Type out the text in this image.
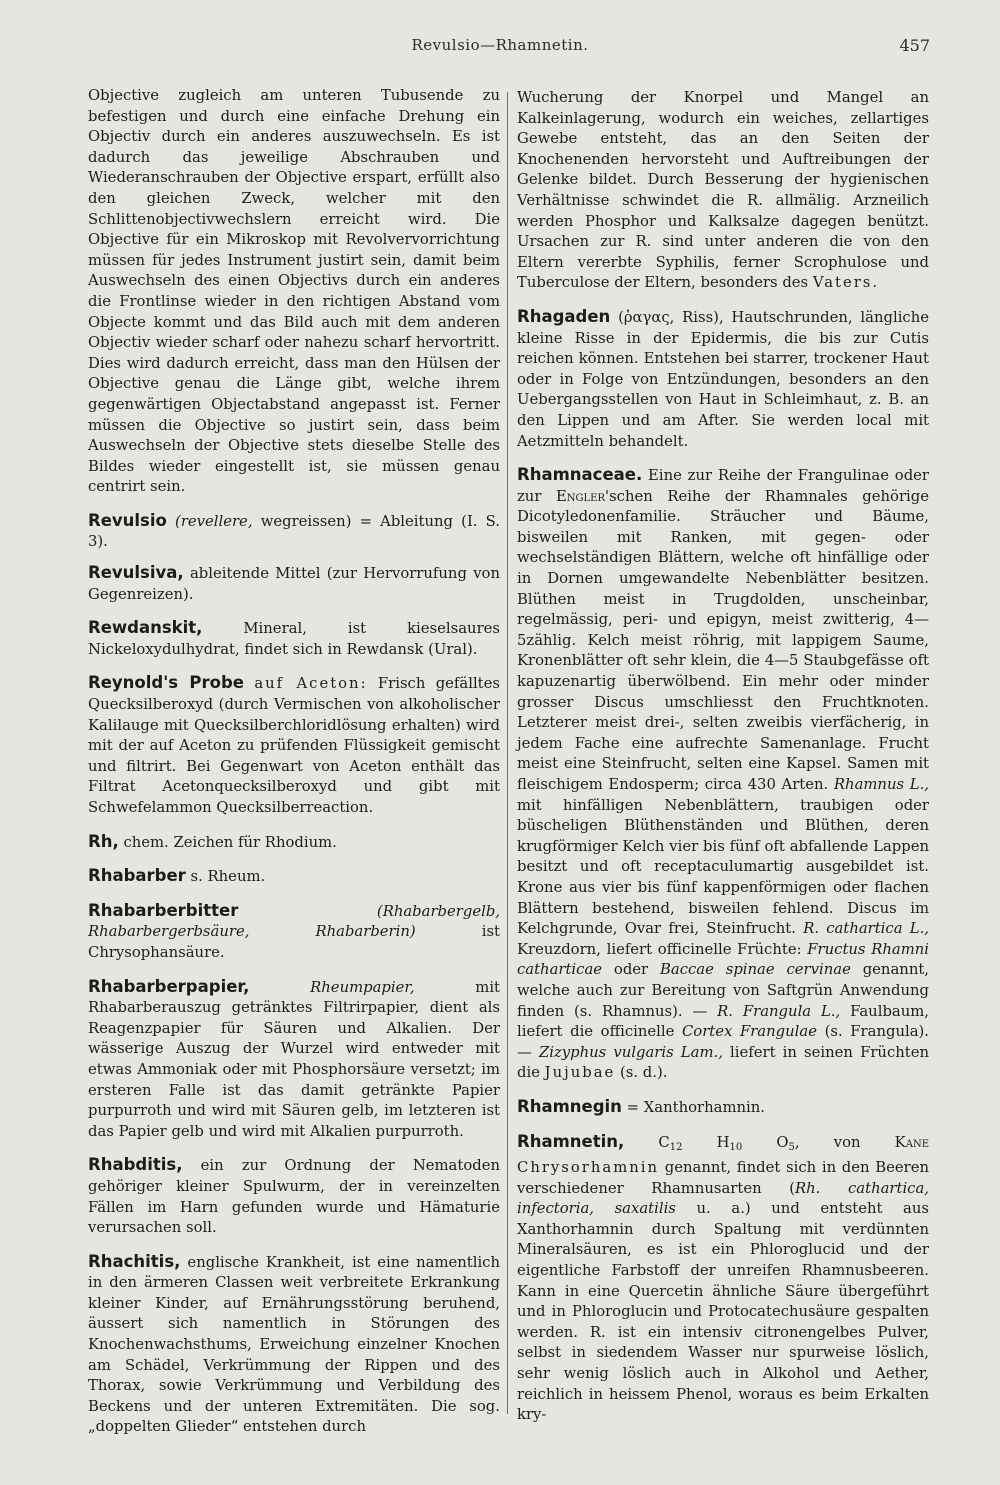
Revulsio—Rhamnetin.	457

Objective zugleich am unteren Tubusende zu befestigen und durch eine einfache Drehung ein Objectiv durch ein anderes auszuwechseln. Es ist dadurch das jeweilige Abschrauben und Wiederanschrauben der Objective erspart, erfüllt also den gleichen Zweck, welcher mit den Schlittenobjectivwechslern erreicht wird. Die Objective für ein Mikroskop mit Revolvervorrichtung müssen für jedes Instrument justirt sein, damit beim Auswechseln des einen Objectivs durch ein anderes die Frontlinse wieder in den richtigen Abstand vom Objecte kommt und das Bild auch mit dem anderen Objectiv wieder scharf oder nahezu scharf hervortritt. Dies wird dadurch erreicht, dass man den Hülsen der Objective genau die Länge gibt, welche ihrem gegenwärtigen Objectabstand angepasst ist. Ferner müssen die Objective so justirt sein, dass beim Auswechseln der Objective stets dieselbe Stelle des Bildes wieder eingestellt ist, sie müssen genau centrirt sein.

Revulsio (revellere, wegreissen) = Ableitung (I. S. 3).

Revulsiva, ableitende Mittel (zur Hervorrufung von Gegenreizen).

Rewdanskit, Mineral, ist kieselsaures Nickeloxydulhydrat, findet sich in Rewdansk (Ural).

Reynold's Probe auf Aceton: Frisch gefälltes Quecksilberoxyd (durch Vermischen von alkoholischer Kalilauge mit Quecksilberchloridlösung erhalten) wird mit der auf Aceton zu prüfenden Flüssigkeit gemischt und filtrirt. Bei Gegenwart von Aceton enthält das Filtrat Acetonquecksilberoxyd und gibt mit Schwefelammon Quecksilberreaction.

Rh, chem. Zeichen für Rhodium.

Rhabarber s. Rheum.

Rhabarberbitter	(Rhabarbergelb, Rhabarbergerbsäure, Rhabarberin) ist Chrysophansäure.

Rhabarberpapier,	Rheumpapier, mit Rhabarberauszug getränktes Filtrirpapier, dient als Reagenzpapier für Säuren und Alkalien. Der wässerige Auszug der Wurzel wird entweder mit etwas Ammoniak oder mit Phosphorsäure versetzt; im ersteren Falle ist das damit getränkte Papier purpurroth und wird mit Säuren gelb, im letzteren ist das Papier gelb und wird mit Alkalien purpurroth.

Rhabditis, ein zur Ordnung der Nematoden gehöriger kleiner Spulwurm, der in vereinzelten Fällen im Harn gefunden wurde und Hämaturie verursachen soll.

Rhachitis, englische Krankheit, ist eine namentlich in den ärmeren Classen weit verbreitete Erkrankung kleiner Kinder, auf Ernährungsstörung beruhend, äussert sich namentlich in Störungen des Knochenwachsthums, Erweichung einzelner Knochen am Schädel, Verkrümmung der Rippen und des Thorax, sowie Verkrümmung und Verbildung des Beckens und der unteren Extremitäten. Die sog. „doppelten Glieder“ entstehen durch

Wucherung der Knorpel und Mangel an Kalkeinlagerung, wodurch ein weiches, zellartiges Gewebe entsteht, das an den Seiten der Knochenenden hervorsteht und Auftreibungen der Gelenke bildet. Durch Besserung der hygienischen Verhältnisse schwindet die R. allmälig. Arzneilich werden Phosphor und Kalksalze dagegen benützt. Ursachen zur R. sind unter anderen die von den Eltern vererbte Syphilis, ferner Scrophulose und Tuberculose der Eltern, besonders des Vaters.

Rhagaden (ῥαγας, Riss), Hautschrunden, längliche kleine Risse in der Epidermis, die bis zur Cutis reichen können. Entstehen bei starrer, trockener Haut oder in Folge von Entzündungen, besonders an den Uebergangsstellen von Haut in Schleimhaut, z. B. an den Lippen und am After. Sie werden local mit Aetzmitteln behandelt.

Rhamnaceae. Eine zur Reihe der Frangulinae oder zur Engler'schen Reihe der Rhamnales gehörige Dicotyledonenfamilie. Sträucher und Bäume, bisweilen mit Ranken, mit gegen- oder wechselständigen Blättern, welche oft hinfällige oder in Dornen umgewandelte Nebenblätter besitzen. Blüthen meist in Trugdolden, unscheinbar, regelmässig, peri- und epigyn, meist zwitterig, 4—5zählig. Kelch meist röhrig, mit lappigem Saume, Kronenblätter oft sehr klein, die 4—5 Staubgefässe oft kapuzenartig überwölbend. Ein mehr oder minder grosser Discus umschliesst den Fruchtknoten. Letzterer meist drei-, selten zweibis vierfächerig, in jedem Fache eine aufrechte Samenanlage. Frucht meist eine Steinfrucht, selten eine Kapsel. Samen mit fleischigem Endosperm; circa 430 Arten. Rhamnus L., mit hinfälligen Nebenblättern, traubigen oder büscheligen Blüthenständen und Blüthen, deren krugförmiger Kelch vier bis fünf oft abfallende Lappen besitzt und oft receptaculumartig ausgebildet ist. Krone aus vier bis fünf kappenförmigen oder flachen Blättern bestehend, bisweilen fehlend. Discus im Kelchgrunde, Ovar frei, Steinfrucht. R. cathartica L., Kreuzdorn, liefert officinelle Früchte: Fructus Rhamni catharticae oder Baccae spinae cervinae genannt, welche auch zur Bereitung von Saftgrün Anwendung finden (s. Rhamnus). — R. Frangula L., Faulbaum, liefert die officinelle Cortex Frangulae (s. Frangula). — Zizyphus vulgaris Lam., liefert in seinen Früchten die Jujubae (s. d.).

Rhamnegin = Xanthorhamnin.

Rhamnetin, $C_{12}$ $H_{10}$ $O_5$, von Kane Chrysorhamnin genannt, findet sich in den Beeren verschiedener Rhamnusarten (Rh. cathartica, infectoria, saxatilis u. a.) und entsteht aus Xanthorhamnin durch Spaltung mit verdünnten Mineralsäuren, es ist ein Phloroglucid und der eigentliche Farbstoff der unreifen Rhamnusbeeren. Kann in eine Quercetin ähnliche Säure übergeführt und in Phloroglucin und Protocatechusäure gespalten werden. R. ist ein intensiv citronengelbes Pulver, selbst in siedendem Wasser nur spurweise löslich, sehr wenig löslich auch in Alkohol und Aether, reichlich in heissem Phenol, woraus es beim Erkalten kry-
